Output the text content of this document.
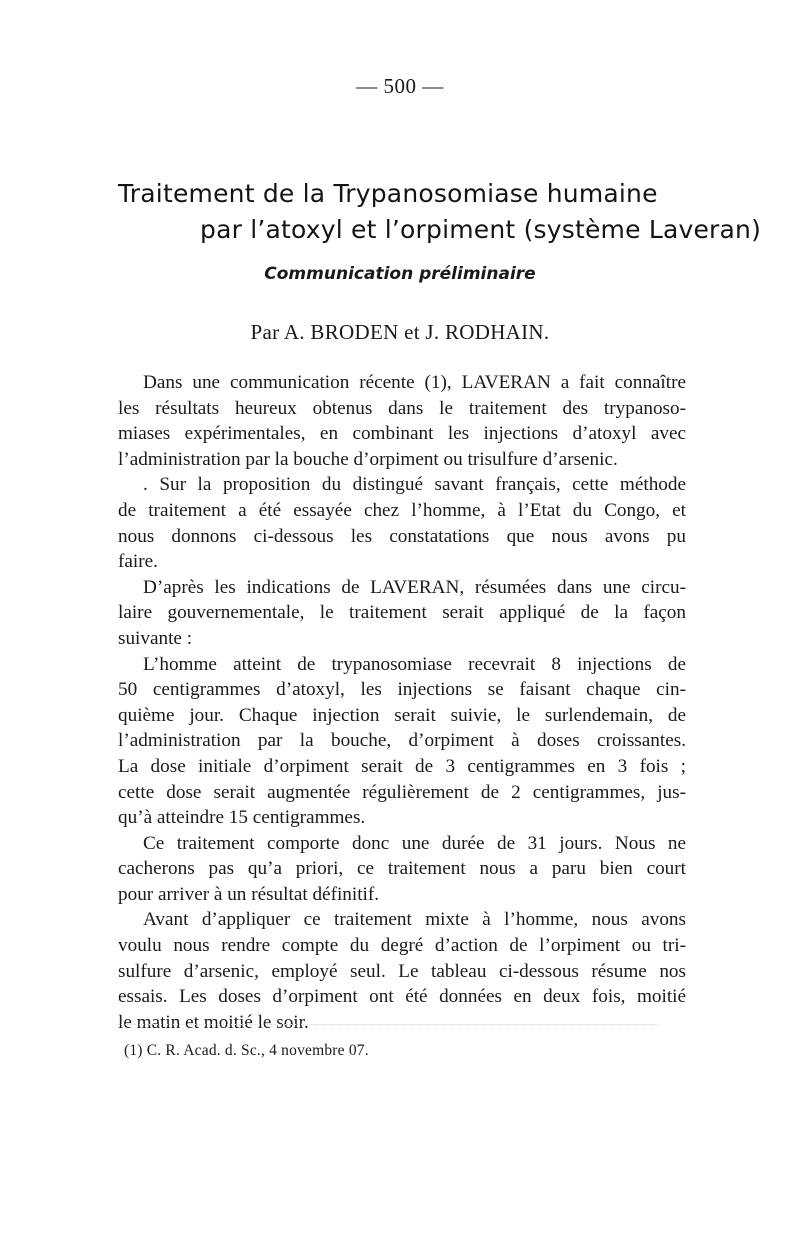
— 500 —
Traitement de la Trypanosomiase humaine
par l’atoxyl et l’orpiment (système Laveran)
Communication préliminaire
Par A. BRODEN et J. RODHAIN.

Dans une communication récente (1), LAVERAN a fait connaître
les résultats heureux obtenus dans le traitement des trypanoso-
miases expérimentales, en combinant les injections d’atoxyl avec
l’administration par la bouche d’orpiment ou trisulfure d’arsenic.

. Sur la proposition du distingué savant français, cette méthode
de traitement a été essayée chez l’homme, à l’Etat du Congo, et
nous donnons ci-dessous les constatations que nous avons pu
faire.

D’après les indications de LAVERAN, résumées dans une circu-
laire gouvernementale, le traitement serait appliqué de la façon
suivante :

L’homme atteint de trypanosomiase recevrait 8 injections de
50 centigrammes d’atoxyl, les injections se faisant chaque cin-
quième jour. Chaque injection serait suivie, le surlendemain, de
l’administration par la bouche, d’orpiment à doses croissantes.
La dose initiale d’orpiment serait de 3 centigrammes en 3 fois ;
cette dose serait augmentée régulièrement de 2 centigrammes, jus-
qu’à atteindre 15 centigrammes.

Ce traitement comporte donc une durée de 31 jours. Nous ne
cacherons pas qu’a priori, ce traitement nous a paru bien court
pour arriver à un résultat définitif.

Avant d’appliquer ce traitement mixte à l’homme, nous avons
voulu nous rendre compte du degré d’action de l’orpiment ou tri-
sulfure d’arsenic, employé seul. Le tableau ci-dessous résume nos
essais. Les doses d’orpiment ont été données en deux fois, moitié
le matin et moitié le soir.

(1) C. R. Acad. d. Sc., 4 novembre 07.
